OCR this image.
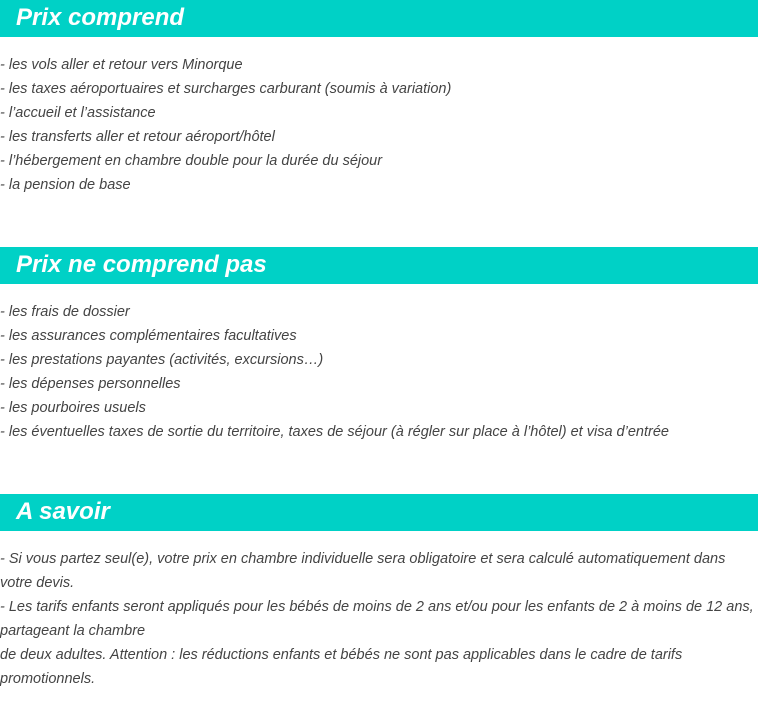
Prix comprend
- les vols aller et retour vers Minorque
- les taxes aéroportuaires et surcharges carburant (soumis à variation)
- l’accueil et l’assistance
- les transferts aller et retour aéroport/hôtel
- l’hébergement en chambre double pour la durée du séjour
- la pension de base
Prix ne comprend pas
- les frais de dossier
- les assurances complémentaires facultatives
- les prestations payantes (activités, excursions…)
- les dépenses personnelles
- les pourboires usuels
- les éventuelles taxes de sortie du territoire, taxes de séjour (à régler sur place à l’hôtel) et visa d’entrée
A savoir
- Si vous partez seul(e), votre prix en chambre individuelle sera obligatoire et sera calculé automatiquement dans votre devis.
- Les tarifs enfants seront appliqués pour les bébés de moins de 2 ans et/ou pour les enfants de 2 à moins de 12 ans, partageant la chambre
de deux adultes. Attention : les réductions enfants et bébés ne sont pas applicables dans le cadre de tarifs promotionnels.
